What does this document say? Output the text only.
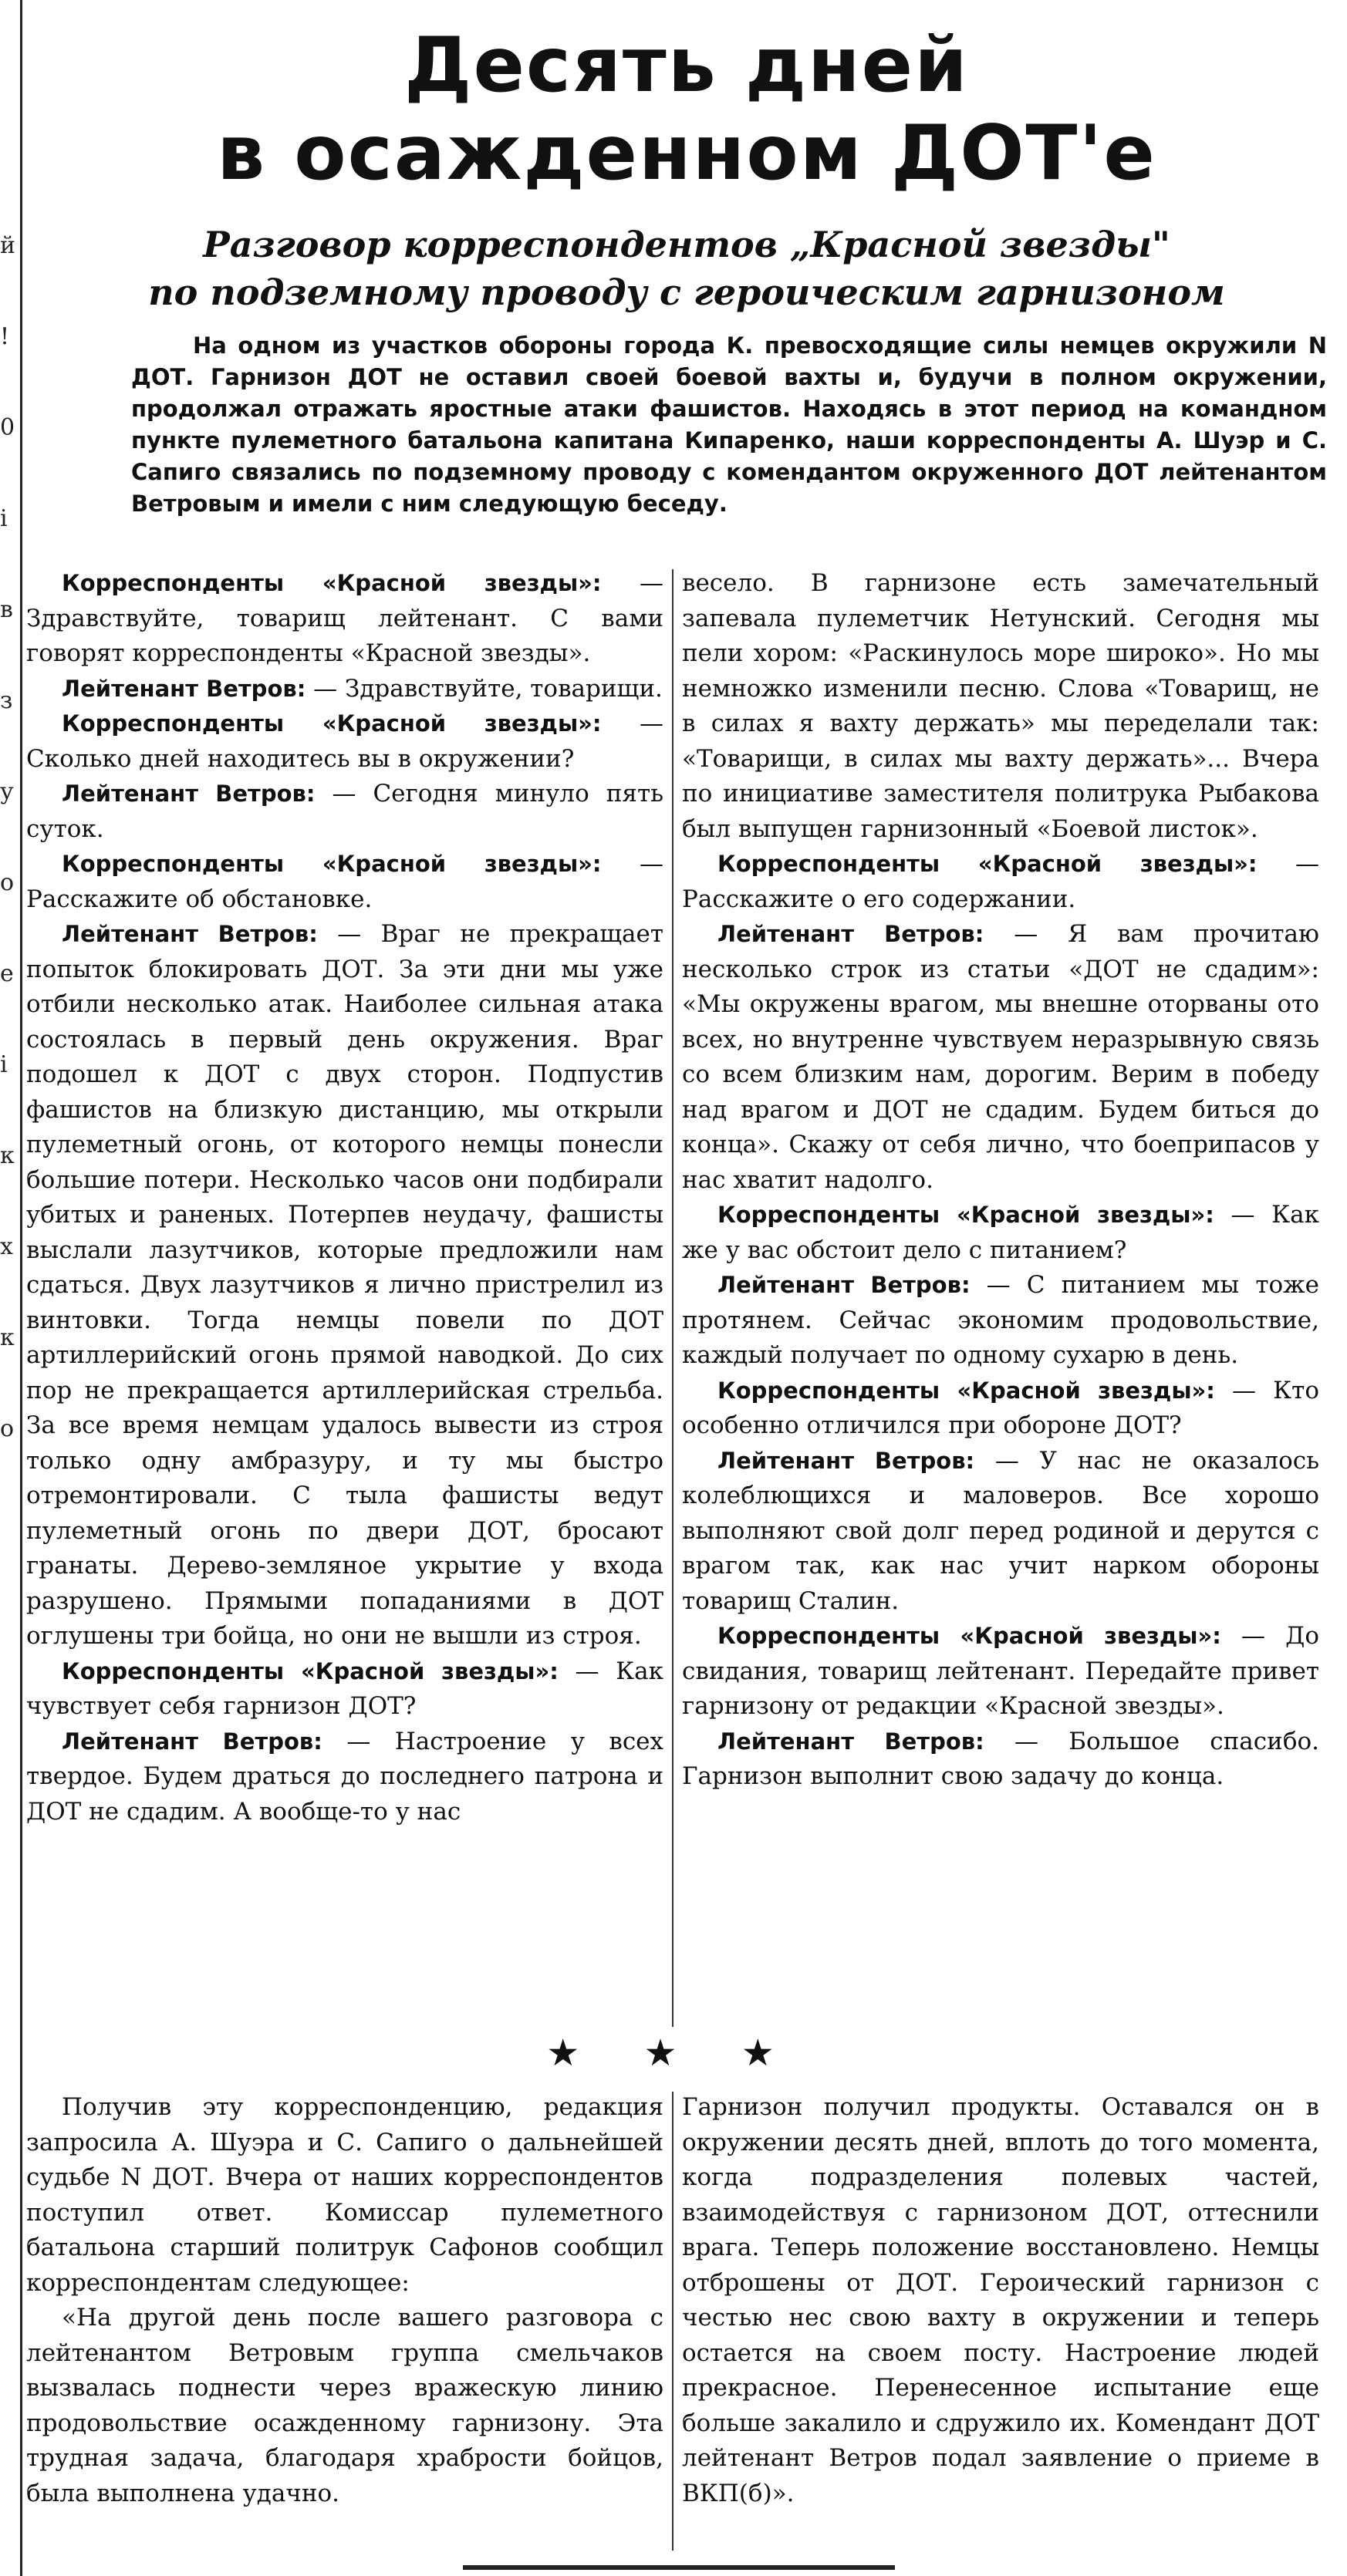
й
!
0
і
в
з
у
о
е
і
к
х
к
о
Десять дней
в осажденном ДОТ'е
Разговор корреспондентов „Красной звезды"
по подземному проводу с героическим гарнизоном
На одном из участков обороны города К. превосходящие силы немцев окружили N ДОТ. Гарнизон ДОТ не оставил своей боевой вахты и, будучи в полном окружении, продолжал отражать яростные атаки фашистов. Находясь в этот период на командном пункте пулеметного батальона капитана Кипаренко, наши корреспонденты А. Шуэр и С. Сапиго связались по подземному проводу с комендантом окруженного ДОТ лейтенантом Ветровым и имели с ним следующую беседу.

Корреспонденты «Красной звезды»: — Здравствуйте, товарищ лейтенант. С вами говорят корреспонденты «Красной звезды».

Лейтенант Ветров: — Здравствуйте, товарищи.

Корреспонденты «Красной звезды»: — Сколько дней находитесь вы в окружении?

Лейтенант Ветров: — Сегодня минуло пять суток.

Корреспонденты «Красной звезды»: — Расскажите об обстановке.

Лейтенант Ветров: — Враг не прекращает попыток блокировать ДОТ. За эти дни мы уже отбили несколько атак. Наиболее сильная атака состоялась в первый день окружения. Враг подошел к ДОТ с двух сторон. Подпустив фашистов на близкую дистанцию, мы открыли пулеметный огонь, от которого немцы понесли большие потери. Несколько часов они подбирали убитых и раненых. Потерпев неудачу, фашисты выслали лазутчиков, которые предложили нам сдаться. Двух лазутчиков я лично пристрелил из винтовки. Тогда немцы повели по ДОТ артиллерийский огонь прямой наводкой. До сих пор не прекращается артиллерийская стрельба. За все время немцам удалось вывести из строя только одну амбразуру, и ту мы быстро отремонтировали. С тыла фашисты ведут пулеметный огонь по двери ДОТ, бросают гранаты. Дерево-земляное укрытие у входа разрушено. Прямыми попаданиями в ДОТ оглушены три бойца, но они не вышли из строя.

Корреспонденты «Красной звезды»: — Как чувствует себя гарнизон ДОТ?

Лейтенант Ветров: — Настроение у всех твердое. Будем драться до последнего патрона и ДОТ не сдадим. А вообще-то у нас

весело. В гарнизоне есть замечательный запевала пулеметчик Нетунский. Сегодня мы пели хором: «Раскинулось море широко». Но мы немножко изменили песню. Слова «Товарищ, не в силах я вахту держать» мы переделали так: «Товарищи, в силах мы вахту держать»... Вчера по инициативе заместителя политрука Рыбакова был выпущен гарнизонный «Боевой листок».

Корреспонденты «Красной звезды»: — Расскажите о его содержании.

Лейтенант Ветров: — Я вам прочитаю несколько строк из статьи «ДОТ не сдадим»: «Мы окружены врагом, мы внешне оторваны ото всех, но внутренне чувствуем неразрывную связь со всем близким нам, дорогим. Верим в победу над врагом и ДОТ не сдадим. Будем биться до конца». Скажу от себя лично, что боеприпасов у нас хватит надолго.

Корреспонденты «Красной звезды»: — Как же у вас обстоит дело с питанием?

Лейтенант Ветров: — С питанием мы тоже протянем. Сейчас экономим продовольствие, каждый получает по одному сухарю в день.

Корреспонденты «Красной звезды»: — Кто особенно отличился при обороне ДОТ?

Лейтенант Ветров: — У нас не оказалось колеблющихся и маловеров. Все хорошо выполняют свой долг перед родиной и дерутся с врагом так, как нас учит нарком обороны товарищ Сталин.

Корреспонденты «Красной звезды»: — До свидания, товарищ лейтенант. Передайте привет гарнизону от редакции «Красной звезды».

Лейтенант Ветров: — Большое спасибо. Гарнизон выполнит свою задачу до конца.

★ ★ ★

Получив эту корреспонденцию, редакция запросила А. Шуэра и С. Сапиго о дальнейшей судьбе N ДОТ. Вчера от наших корреспондентов поступил ответ. Комиссар пулеметного батальона старший политрук Сафонов сообщил корреспондентам следующее:

«На другой день после вашего разговора с лейтенантом Ветровым группа смельчаков вызвалась поднести через вражескую линию продовольствие осажденному гарнизону. Эта трудная задача, благодаря храбрости бойцов, была выполнена удачно.

Гарнизон получил продукты. Оставался он в окружении десять дней, вплоть до того момента, когда подразделения полевых частей, взаимодействуя с гарнизоном ДОТ, оттеснили врага. Теперь положение восстановлено. Немцы отброшены от ДОТ. Героический гарнизон с честью нес свою вахту в окружении и теперь остается на своем посту. Настроение людей прекрасное. Перенесенное испытание еще больше закалило и сдружило их. Комендант ДОТ лейтенант Ветров подал заявление о приеме в ВКП(б)».
